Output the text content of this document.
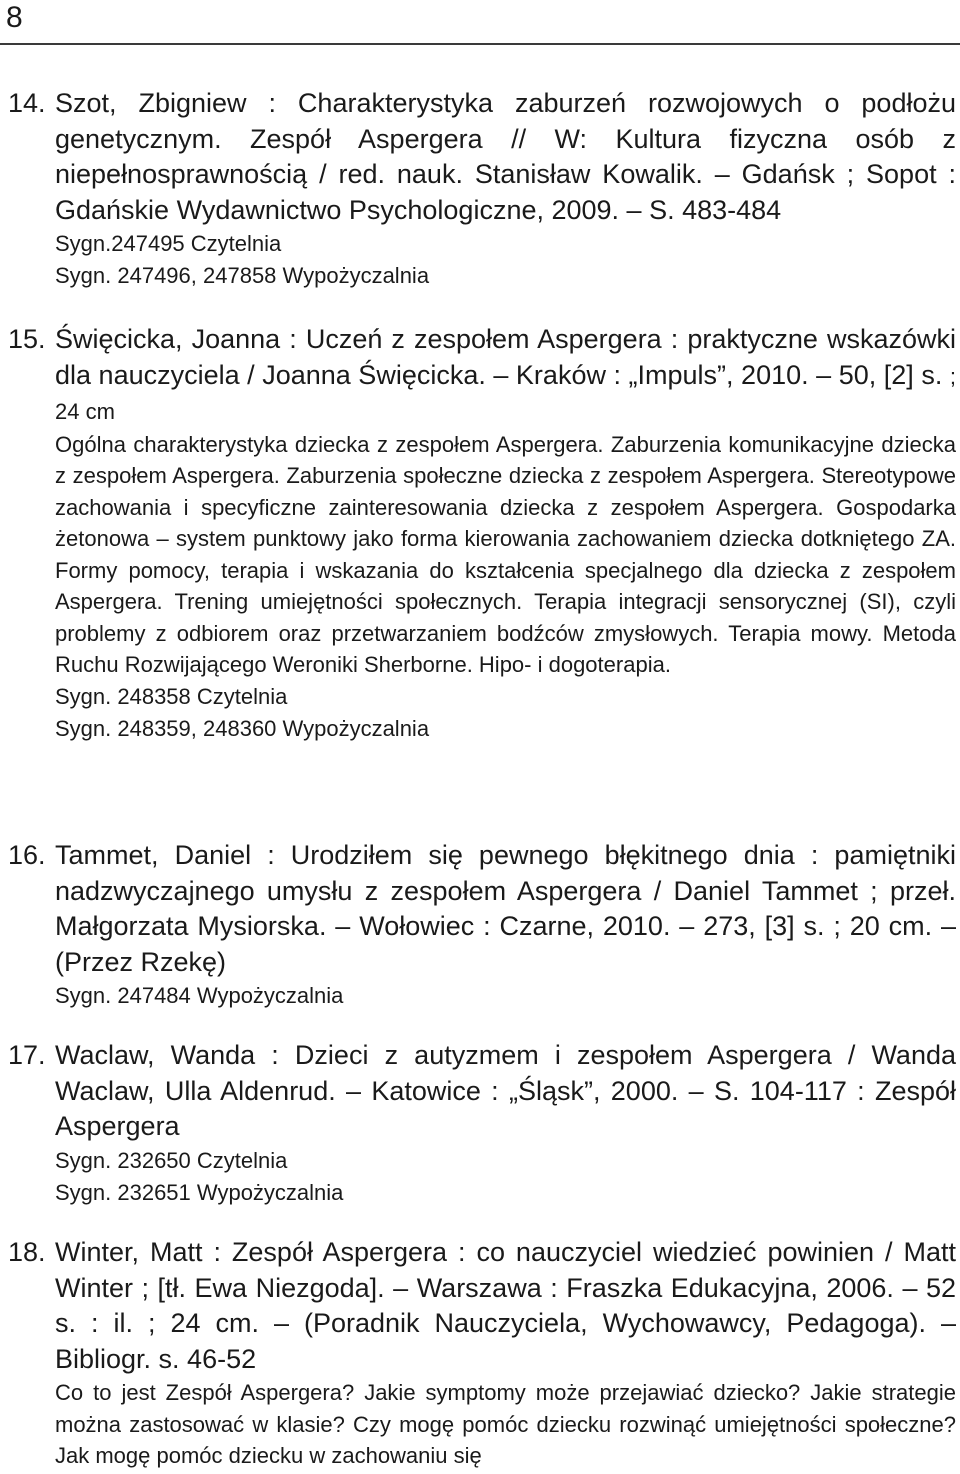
8
14. Szot, Zbigniew : Charakterystyka zaburzeń rozwojowych o podłożu genetycznym. Zespół Aspergera // W: Kultura fizyczna osób z niepełnosprawnością / red. nauk. Stanisław Kowalik. – Gdańsk ; Sopot : Gdańskie Wydawnictwo Psychologiczne, 2009. – S. 483-484

Sygn.247495 Czytelnia

Sygn. 247496, 247858 Wypożyczalnia

15. Święcicka, Joanna : Uczeń z zespołem Aspergera : praktyczne wskazówki dla nauczyciela / Joanna Święcicka. – Kraków : „Impuls”, 2010. – 50, [2] s. ; 24 cm

Ogólna charakterystyka dziecka z zespołem Aspergera. Zaburzenia komunikacyjne dziecka z zespołem Aspergera. Zaburzenia społeczne dziecka z zespołem Aspergera. Stereotypowe zachowania i specyficzne zainteresowania dziecka z zespołem Aspergera. Gospodarka żetonowa – system punktowy jako forma kierowania zachowaniem dziecka dotkniętego ZA. Formy pomocy, terapia i wskazania do kształcenia specjalnego dla dziecka z zespołem Aspergera. Trening umiejętności społecznych. Terapia integracji sensorycznej (SI), czyli problemy z odbiorem oraz przetwarzaniem bodźców zmysłowych. Terapia mowy. Metoda Ruchu Rozwijającego Weroniki Sherborne. Hipo- i dogoterapia.

Sygn. 248358 Czytelnia

Sygn. 248359, 248360 Wypożyczalnia

16. Tammet, Daniel : Urodziłem się pewnego błękitnego dnia : pamiętniki nadzwyczajnego umysłu z zespołem Aspergera / Daniel Tammet ; przeł. Małgorzata Mysiorska. – Wołowiec : Czarne, 2010. – 273, [3] s. ; 20 cm. – (Przez Rzekę)

Sygn. 247484 Wypożyczalnia

17. Waclaw, Wanda : Dzieci z autyzmem i zespołem Aspergera / Wanda Waclaw, Ulla Aldenrud. – Katowice : „Śląsk”, 2000. – S. 104-117 : Zespół Aspergera

Sygn. 232650 Czytelnia

Sygn. 232651 Wypożyczalnia

18. Winter, Matt : Zespół Aspergera : co nauczyciel wiedzieć powinien / Matt Winter ; [tł. Ewa Niezgoda]. – Warszawa : Fraszka Edukacyjna, 2006. – 52 s. : il. ; 24 cm. – (Poradnik Nauczyciela, Wychowawcy, Pedagoga). – Bibliogr. s. 46-52

Co to jest Zespół Aspergera? Jakie symptomy może przejawiać dziecko? Jakie strategie można zastosować w klasie? Czy mogę pomóc dziecku rozwinąć umiejętności społeczne? Jak mogę pomóc dziecku w zachowaniu się
